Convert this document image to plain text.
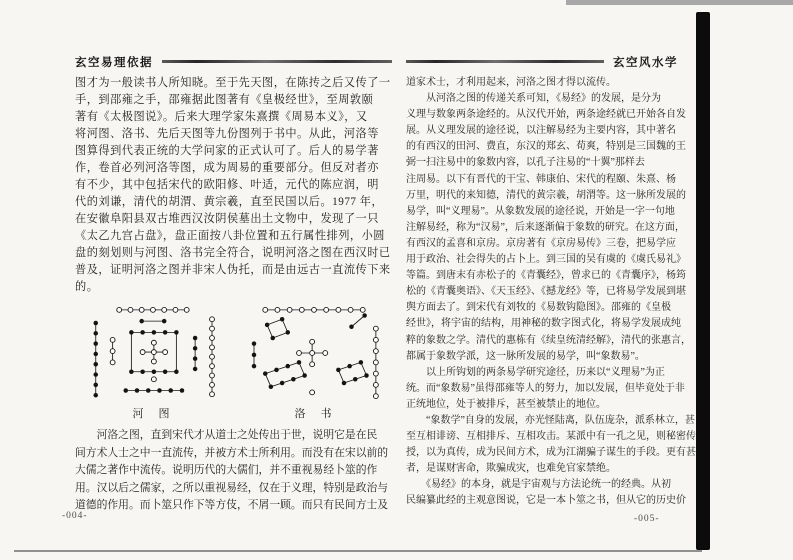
玄空易理依据
图才为一般读书人所知晓。至于先天图，在陈抟之后又传了一
手，到邵雍之手，邵雍据此图著有《皇极经世》，至周敦颐
著有《太极图说》。后来大理学家朱熹撰《周易本义》，又
将河图、洛书、先后天图等九份图列于书中。从此，河洛等
图算得到代表正统的大学问家的正式认可了。后人的易学著
作，卷首必列河洛等图，成为周易的重要部分。但反对者亦
有不少，其中包括宋代的欧阳修、叶适，元代的陈应润，明
代的刘谦，清代的胡渭、黄宗羲，直至民国以后。1977 年，
在安徽阜阳县双古堆西汉汝阴侯墓出土文物中，发现了一只
《太乙九宫占盘》，盘正面按八卦位置和五行属性排列，小圆
盘的刻划则与河图、洛书完全符合，说明河洛之图在西汉时已
普及，证明河洛之图并非宋人伪托，而是由远古一直流传下来
的。
河　图	洛　书
　　河洛之图，直到宋代才从道士之处传出于世，说明它是在民
间方术人士之中一直流传，并被方术士所利用。而没有在宋以前的
大儒之著作中流传。说明历代的大儒们，并不重视易经卜筮的作
用。汉以后之儒家，之所以重视易经，仅在于义理，特别是政治与
道德的作用。而卜筮只作下等方伎，不屑一顾。而只有民间方士及
玄空风水学
道家术士，才利用起来，河洛之图才得以流传。
　　从河洛之图的传递关系可知，《易经》的发展，是分为
义理与数象两条途经的。从汉代开始，两条途经就已开始各自发
展。从义理发展的途径说，以注解易经为主要内容，其中著名
的有西汉的田河、费直，东汉的郑玄、荀爽，特别是三国魏的王
弼一扫注易中的象数内容，以孔子注易的“十翼”那样去
注周易。以下有晋代的干宝、韩康伯、宋代的程颐、朱熹、杨
万里，明代的来知德，清代的黄宗羲，胡渭等。这一脉所发展的
易学，叫“义理易”。从象数发展的途径说，开始是一字一句地
注解易经，称为“汉易”，后来逐渐偏于象数的研究。在这方面，
有西汉的孟喜和京房。京房著有《京房易传》三卷，把易学应
用于政治、社会得失的占卜上。到三国的吴有虞的《虞氏易礼》
等篇。到唐末有赤松子的《青囊经》，曾求已的《青囊序》，杨筠
松的《青囊奥语》、《天玉经》、《撼龙经》等，已将易学发展到堪
舆方面去了。到宋代有刘牧的《易数钩隐图》。邵雍的《皇极
经世》，将宇宙的结构，用神秘的数字图式化，将易学发展成纯
粹的象数之学。清代的惠栋有《续皇统清经解》，清代的张惠言，
都属于象数学派，这一脉所发展的易学，叫“象数易”。
　　以上所钩划的两条易学研究途径，历来以“义理易”为正
统。而“象数易”虽得邵雍等人的努力，加以发展，但毕竟处于非
正统地位，处于被排斥，甚至被禁止的地位。
　　“象数学”自身的发展，亦光怪陆离，队伍庞杂，派系林立，甚
至互相诽谤、互相排斥、互相攻击。某派中有一孔之见，则秘密传
授，以为真传，成为民间方术，成为江湖骗子谋生的手段。更有甚
者，是谋财害命，欺骗成灾，也难免官家禁绝。
　　《易经》的本身，就是宇宙观与方法论统一的经典。从初
民编纂此经的主观意图说，它是一本卜筮之书，但从它的历史价
-004-	-005-
